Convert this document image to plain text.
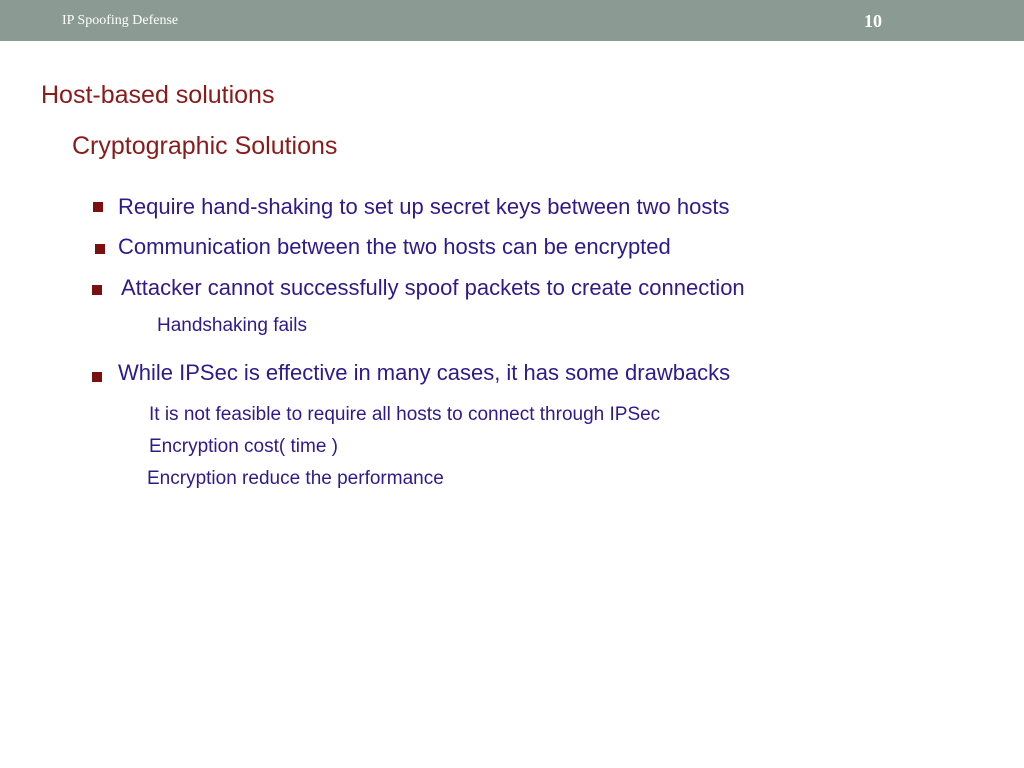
IP Spoofing Defense	10
Host-based solutions
Cryptographic Solutions
Require hand-shaking to set up secret keys between two hosts
Communication between the two hosts can be encrypted
Attacker cannot successfully spoof packets to create connection
Handshaking fails
While IPSec is effective in many cases, it has some drawbacks
It is not feasible to require all hosts to connect through IPSec
Encryption cost( time )
Encryption reduce the performance
